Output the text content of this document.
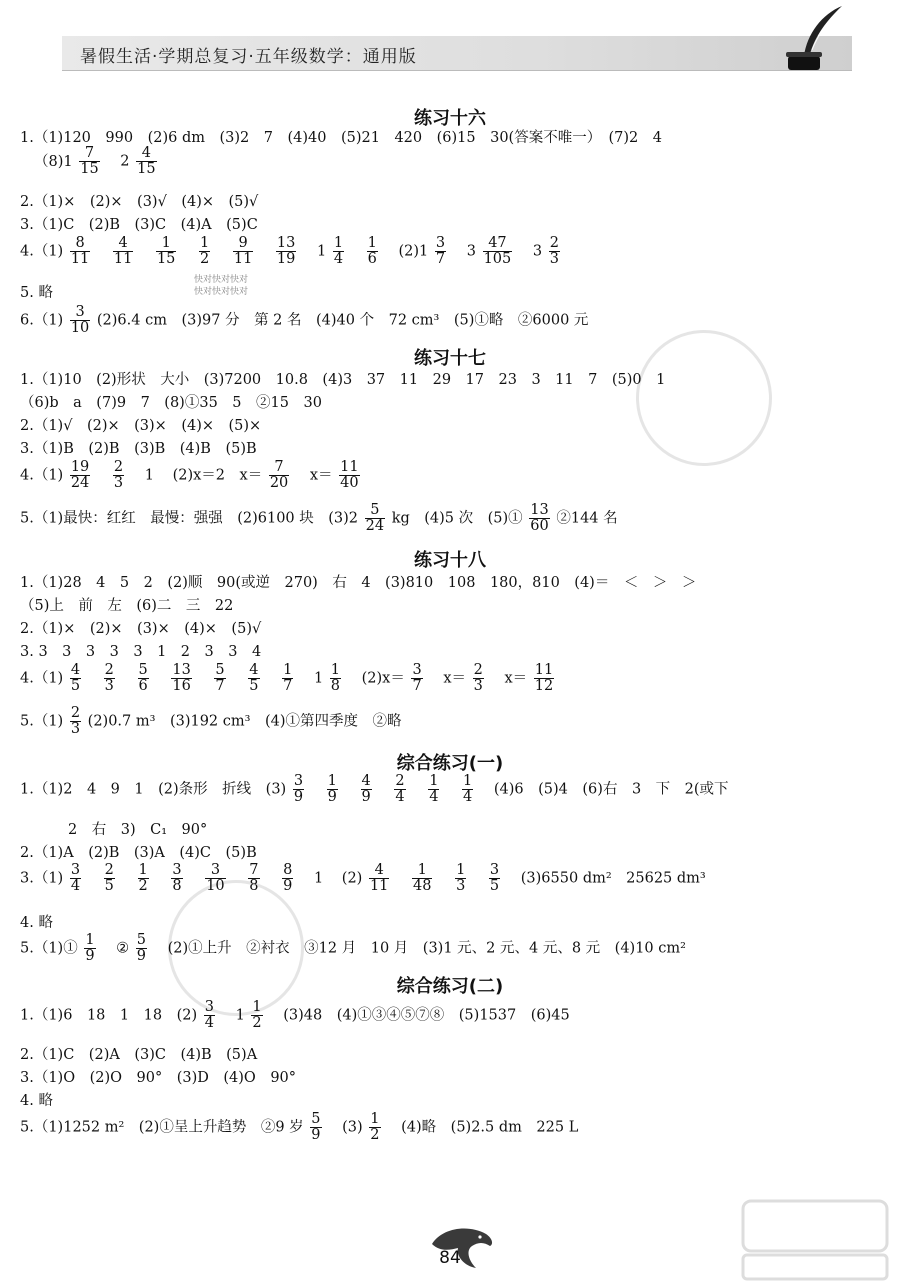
暑假生活·学期总复习·五年级数学：通用版
快对快对快对
快对快对快对
练习十六
1.（1)120　990　(2)6 dm　(3)2　7　(4)40　(5)21　420　(6)15　30(答案不唯一）　(7)2　4
$(8)1 \frac{7}{15} 2 \frac{4}{15}$
2.（1)×　(2)×　(3)√　(4)×　(5)√
3.（1)C　(2)B　(3)C　(4)A　(5)C
$4.(1) \frac{8}{11}$
$\frac{4}{11}$
$\frac{1}{15}$
$\frac{1}{2}$
$\frac{9}{11}$
$\frac{13}{19} 1 \frac{1}{4}$
$\frac{1}{6} (2)1 \frac{3}{7} 3 \frac{47}{105} 3 \frac{2}{3}$
5. 略
$6.(1) \frac{3}{10} (2)6.4$ cm　(3)97 分　第 2 名　(4)40 个　72 cm³　(5)①略　②6000 元
练习十七
1.（1)10　(2)形状　大小　(3)7200　10.8　(4)3　37　11　29　17　23　3　11　7　(5)0　1
（6)b　a　(7)9　7　(8)①35　5　②15　30
2.（1)√　(2)×　(3)×　(4)×　(5)×
3.（1)B　(2)B　(3)B　(4)B　(5)B
$4.(1) \frac{19}{24}$
$\frac{2}{3} 1$ (2)x＝2　$x= \frac{7}{20} x= \frac{11}{40}$
5.（1)最快：红红　最慢：强强　(2)6100 块　$(3)2 \frac{5}{24}$ kg　(4)5 次　(5)① $\frac{13}{60}$ ②144 名
练习十八
1.（1)28　4　5　2　(2)顺　90(或逆　270)　右　4　(3)810　108　180，810　(4)＝　＜　＞　＞
（5)上　前　左　(6)二　三　22
2.（1)×　(2)×　(3)×　(4)×　(5)√
3. 3　3　3　3　3　1　2　3　3　4
$4.(1) \frac{4}{5}$
$\frac{2}{3}$
$\frac{5}{6}$
$\frac{13}{16}$
$\frac{5}{7}$
$\frac{4}{5}$
$\frac{1}{7} 1 \frac{1}{8} (2)x= \frac{3}{7} x= \frac{2}{3} x= \frac{11}{12}$
$5.(1) \frac{2}{3} (2)0.7$ m³　(3)192 cm³　(4)①第四季度　②略
综合练习(一)
1.（1)2　4　9　1　(2)条形　折线　$(3) \frac{3}{9}$
$\frac{1}{9}$
$\frac{4}{9}$
$\frac{2}{4}$
$\frac{1}{4}$
$\frac{1}{4} (4)6$　(5)4　(6)右　3　下　2(或下
2　右　3)　C₁　90°
2.（1)A　(2)B　(3)A　(4)C　(5)B
$3.(1) \frac{3}{4}$
$\frac{2}{5}$
$\frac{1}{2}$
$\frac{3}{8}$
$\frac{3}{10}$
$\frac{7}{8}$
$\frac{8}{9} 1$ $(2) \frac{4}{11}$
$\frac{1}{48}$
$\frac{1}{3}$
$\frac{3}{5} (3)6550$ dm²　25625 dm³
4. 略
5.（1)① $\frac{1}{9}$ ② $\frac{5}{9}$ (2)①上升　②衬衣　③12 月　10 月　(3)1 元、2 元、4 元、8 元　(4)10 cm²
综合练习(二)
1.（1)6　18　1　18　$(2) \frac{3}{4} 1 \frac{1}{2} (3)48$　(4)①③④⑤⑦⑧　(5)1537　(6)45
2.（1)C　(2)A　(3)C　(4)B　(5)A
3.（1)O　(2)O　90°　(3)D　(4)O　90°
4. 略
5.（1)1252 m²　(2)①呈上升趋势　②9 岁 $\frac{5}{9} (3) \frac{1}{2} (4)$略　(5)2.5 dm　225 L
84
